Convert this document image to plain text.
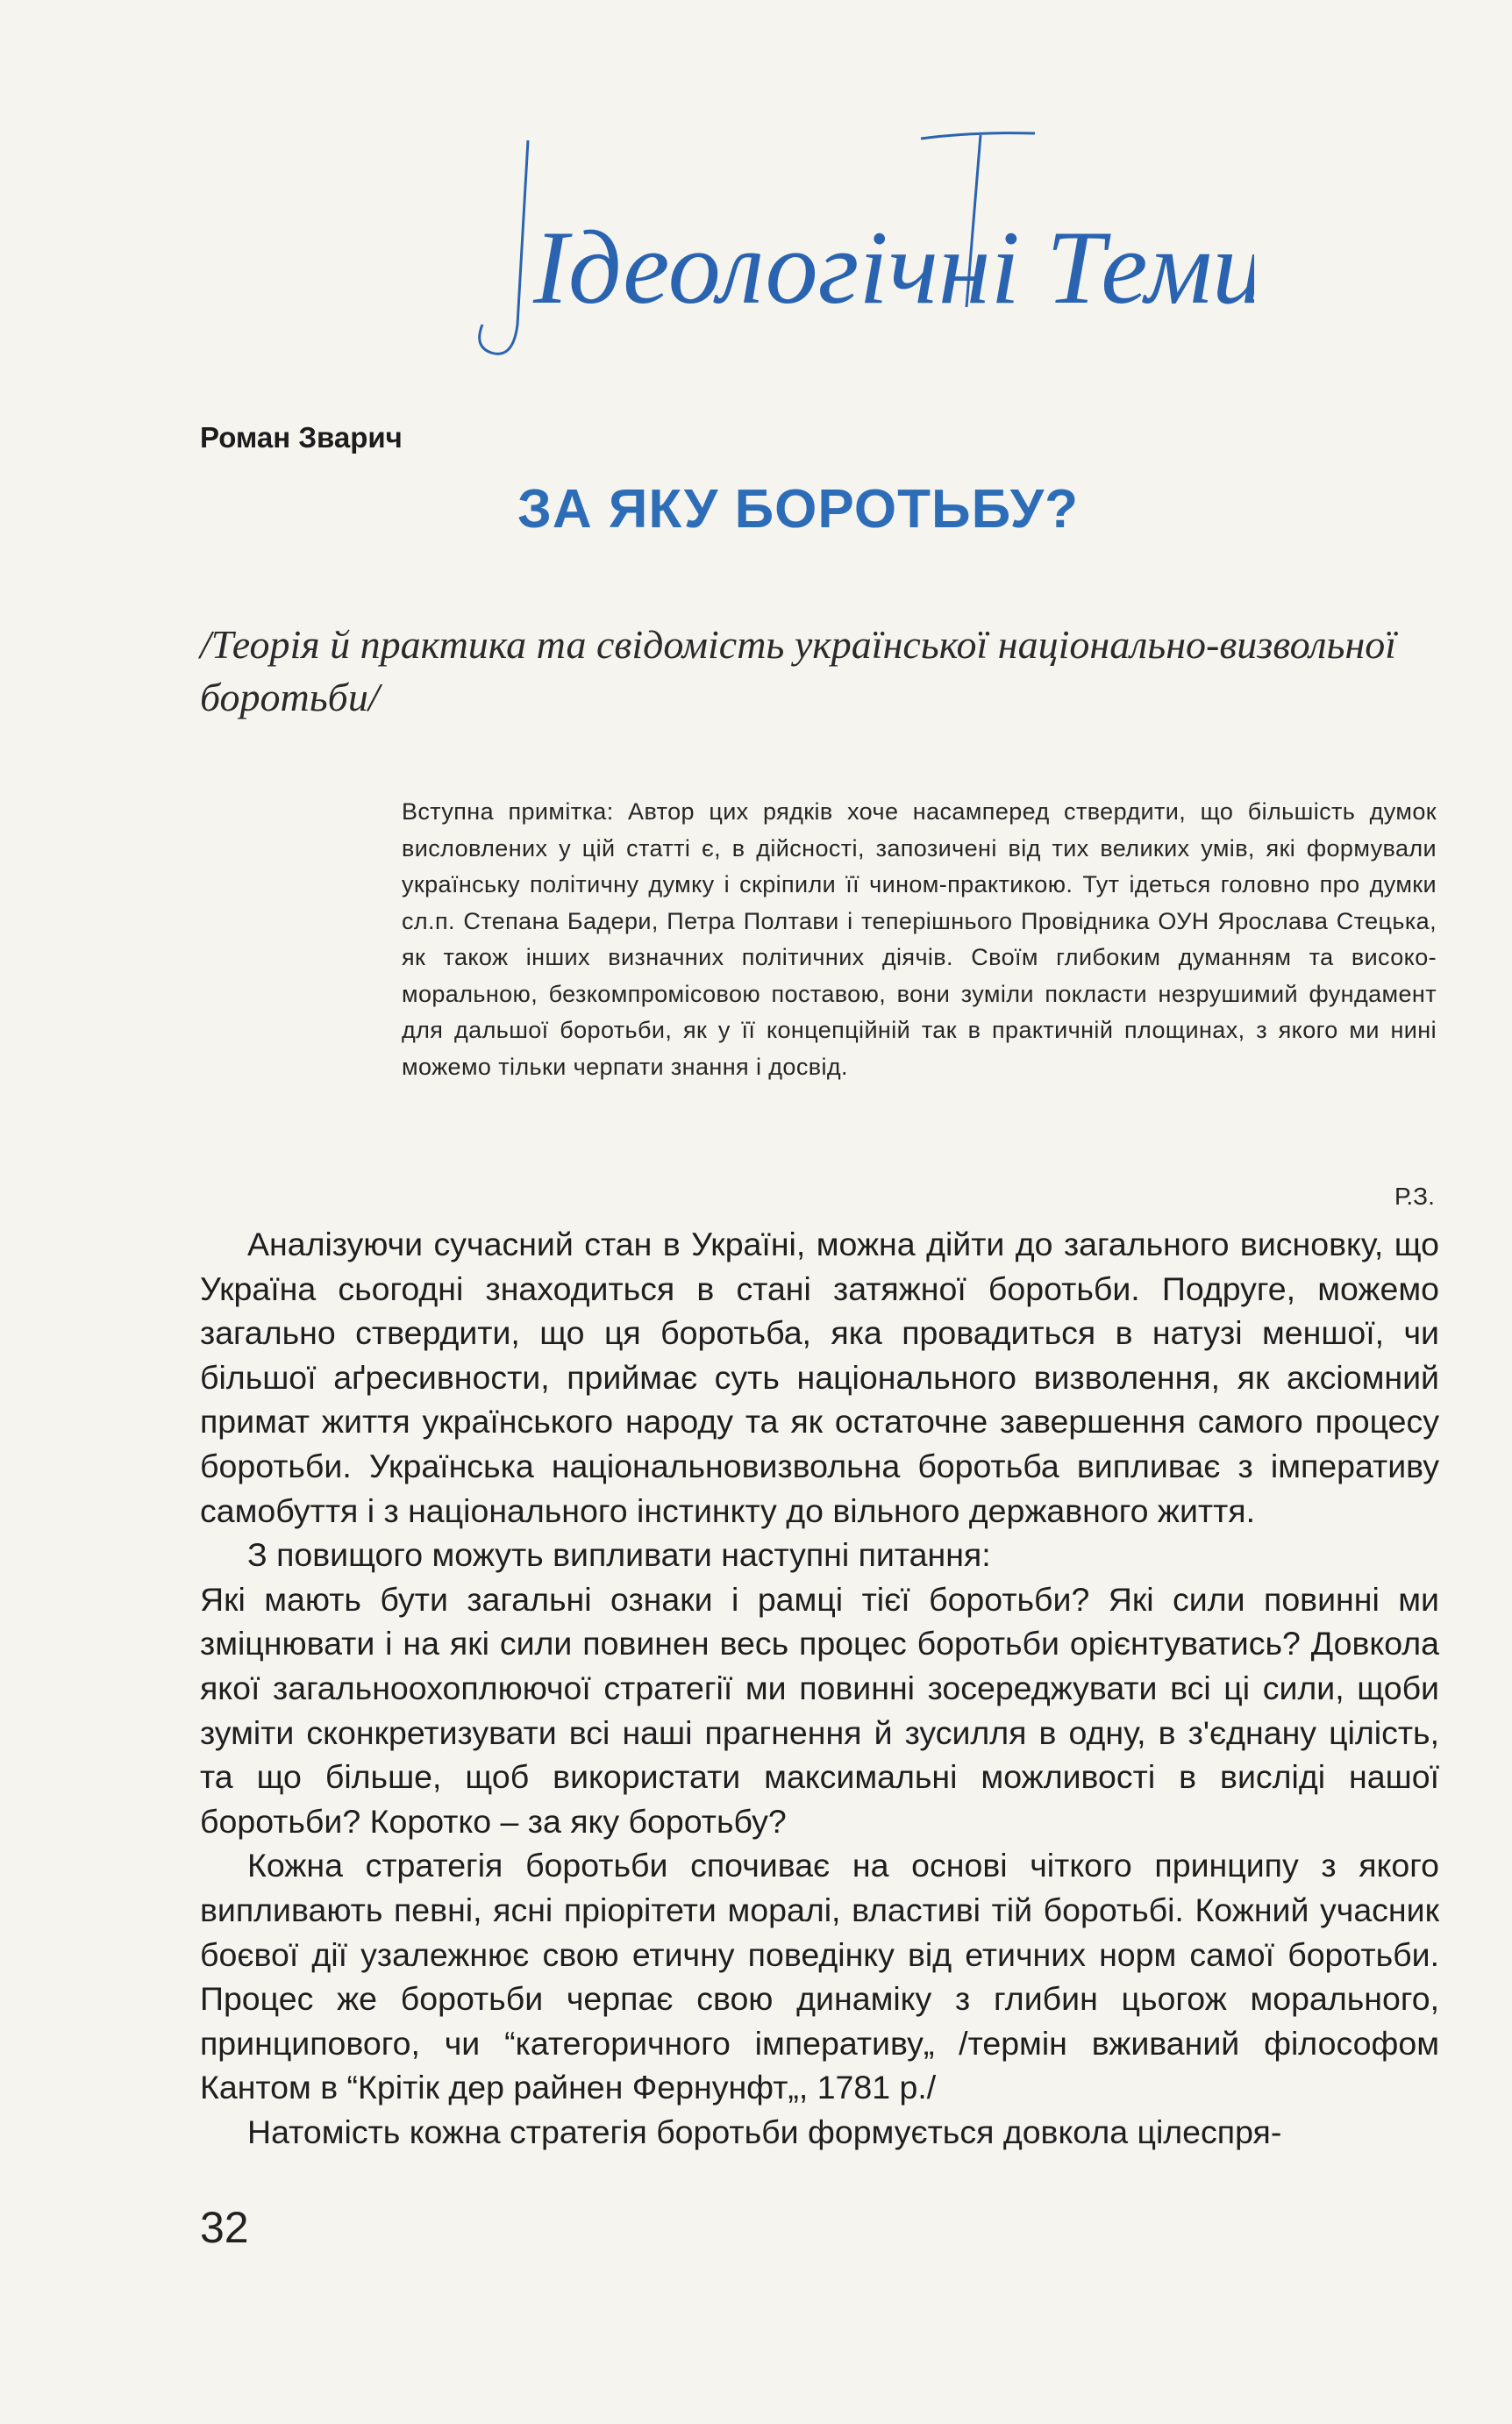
Ідеологічні Теми
Роман Зварич
ЗА ЯКУ БОРОТЬБУ?
/Теорія й практика та свідомість української національно-визвольної боротьби/
Вступна примітка: Автор цих рядків хоче насамперед ствердити, що більшість думок висловлених у цій статті є, в дійсності, запозичені від тих великих умів, які формували українську політичну думку і скріпили її чином-практикою. Тут ідеться головно про думки сл.п. Степана Бадери, Петра Полтави і теперішнього Провідника ОУН Ярослава Стецька, як також інших визначних політичних діячів. Своїм глибоким думанням та високо-моральною, безкомпромісовою поставою, вони зуміли покласти незрушимий фундамент для дальшої боротьби, як у її концепційній так в практичній площинах, з якого ми нині можемо тільки черпати знання і досвід.
Р.З.

Аналізуючи сучасний стан в Україні, можна дійти до загального висновку, що Україна сьогодні знаходиться в стані затяжної боротьби. Подруге, можемо загально ствердити, що ця боротьба, яка провадиться в натузі меншої, чи більшої аґресивности, приймає суть національного визволення, як аксіомний примат життя українського народу та як остаточне завершення самого процесу боротьби. Українська національновизвольна боротьба випливає з імперативу самобуття і з національного інстинкту до вільного державного життя.

З повищого можуть випливати наступні питання:

Які мають бути загальні ознаки і рамці тієї боротьби? Які сили повинні ми зміцнювати і на які сили повинен весь процес боротьби орієнтуватись? Довкола якої загальноохоплюючої стратегії ми повинні зосереджувати всі ці сили, щоби зуміти сконкретизувати всі наші прагнення й зусилля в одну, в з'єднану цілість, та що більше, щоб використати максимальні можливості в висліді нашої боротьби? Коротко – за яку боротьбу?

Кожна стратегія боротьби спочиває на основі чіткого принципу з якого випливають певні, ясні пріорітети моралі, властиві тій боротьбі. Кожний учасник боєвої дії узалежнює свою етичну поведінку від етичних норм самої боротьби. Процес же боротьби черпає свою динаміку з глибин цьогож морального, принципового, чи “категоричного імперативу„ /термін вживаний філософом Кантом в “Крітік дер райнен Фернунфт„, 1781 р./

Натомість кожна стратегія боротьби формується довкола цілеспря-

32
